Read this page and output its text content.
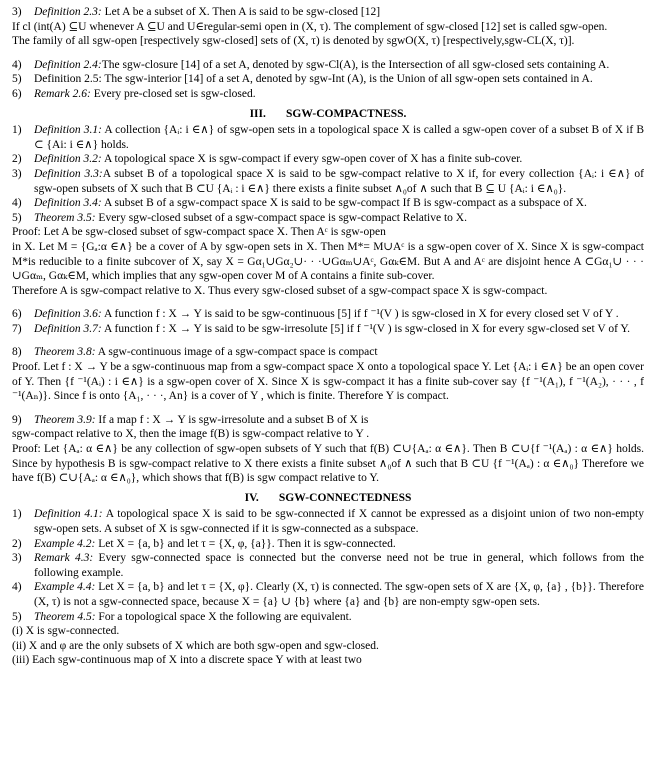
3)	Definition 2.3: Let A be a subset of X. Then A is said to be sgw-closed [12]
If cl (int(A) ⊆U whenever A ⊆U and U∈regular-semi open in (X, τ). The complement of sgw-closed [12] set is called sgw-open.
The family of all sgw-open [respectively sgw-closed] sets of (X, τ) is denoted by sgwO(X, τ) [respectively,sgw-CL(X, τ)].
4)	Definition 2.4:The sgw-closure [14] of a set A, denoted by sgw-Cl(A), is the Intersection of all sgw-closed sets containing A.
5)	Definition 2.5: The sgw-interior [14] of a set A, denoted by sgw-Int (A), is the Union of all sgw-open sets contained in A.
6)	Remark 2.6: Every pre-closed set is sgw-closed.
III.       SGW-COMPACTNESS.
1)	Definition 3.1: A collection {Aᵢ: i ∈∧} of sgw-open sets in a topological space X is called a sgw-open cover of a subset B of X if B ⊂ {Ai: i ∈∧} holds.
2)	Definition 3.2: A topological space X is sgw-compact if every sgw-open cover of X has a finite sub-cover.
3)	Definition 3.3:A subset B of a topological space X is said to be sgw-compact relative to X if, for every collection {Aᵢ: i ∈∧} of sgw-open subsets of X such that B ⊂U {Aᵢ : i ∈∧} there exists a finite subset ∧₀of ∧ such that B ⊆ U {Aᵢ: i ∈∧₀}.
4)	Definition 3.4: A subset B of a sgw-compact space X is said to be sgw-compact If B is sgw-compact as a subspace of X.
5)	Theorem 3.5: Every sgw-closed subset of a sgw-compact space is sgw-compact Relative to X.
Proof: Let A be sgw-closed subset of sgw-compact space X. Then Aᶜ is sgw-open
in X. Let M = {Gₐ:α ∈∧} be a cover of A by sgw-open sets in X. Then M*= M∪Aᶜ is a sgw-open cover of X. Since X is sgw-compact M*is reducible to a finite subcover of X, say X = Gα₁∪Gα₂∪· · ·∪Gαₘ∪Aᶜ, Gαₖ∈M. But A and Aᶜ are disjoint hence A ⊂Gα₁∪ · · · ∪Gαₘ, Gαₖ∈M, which implies that any sgw-open cover M of A contains a finite sub-cover.
Therefore A is sgw-compact relative to X. Thus every sgw-closed subset of a sgw-compact space X is sgw-compact.
6)	Definition 3.6: A function f : X → Y is said to be sgw-continuous [5] if f ⁻¹(V ) is sgw-closed in X for every closed set V of Y .
7)	Definition 3.7: A function f : X → Y is said to be sgw-irresolute [5] if f ⁻¹(V ) is sgw-closed in X for every sgw-closed set V of Y.
8)	Theorem 3.8: A sgw-continuous image of a sgw-compact space is compact
Proof. Let f : X → Y be a sgw-continuous map from a sgw-compact space X onto a topological space Y. Let {Aᵢ: i ∈∧} be an open cover of Y. Then {f ⁻¹(Aᵢ) : i ∈∧} is a sgw-open cover of X. Since X is sgw-compact it has a finite sub-cover say {f ⁻¹(A₁), f ⁻¹(A₂), · · · , f ⁻¹(Aₙ)}. Since f is onto {A₁, · · ·, An} is a cover of Y , which is finite. Therefore Y is compact.
9)	Theorem 3.9: If a map f : X → Y is sgw-irresolute and a subset B of X is
sgw-compact relative to X, then the image f(B) is sgw-compact relative to Y .
Proof: Let {Aₐ: α ∈∧} be any collection of sgw-open subsets of Y such that f(B) ⊂∪{Aₐ: α ∈∧}. Then B ⊂∪{f ⁻¹(Aₐ) : α ∈∧} holds. Since by hypothesis B is sgw-compact relative to X there exists a finite subset ∧₀of ∧ such that B ⊂U {f ⁻¹(Aₐ) : α ∈∧₀} Therefore we have f(B) ⊂∪{Aₐ: α ∈∧₀}, which shows that f(B) is sgw compact relative to Y.
IV.       SGW-CONNECTEDNESS
1)	Definition 4.1: A topological space X is said to be sgw-connected if X cannot be expressed as a disjoint union of two non-empty sgw-open sets. A subset of X is sgw-connected if it is sgw-connected as a subspace.
2)	Example 4.2: Let X = {a, b} and let τ = {X, φ, {a}}. Then it is sgw-connected.
3)	Remark 4.3: Every sgw-connected space is connected but the converse need not be true in general, which follows from the following example.
4)	Example 4.4: Let X = {a, b} and let τ = {X, φ}. Clearly (X, τ) is connected. The sgw-open sets of X are {X, φ, {a} , {b}}. Therefore (X, τ) is not a sgw-connected space, because X = {a} ∪ {b} where {a} and {b} are non-empty sgw-open sets.
5)	Theorem 4.5: For a topological space X the following are equivalent.
(i) X is sgw-connected.
(ii) X and φ are the only subsets of X which are both sgw-open and sgw-closed.
(iii) Each sgw-continuous map of X into a discrete space Y with at least two
